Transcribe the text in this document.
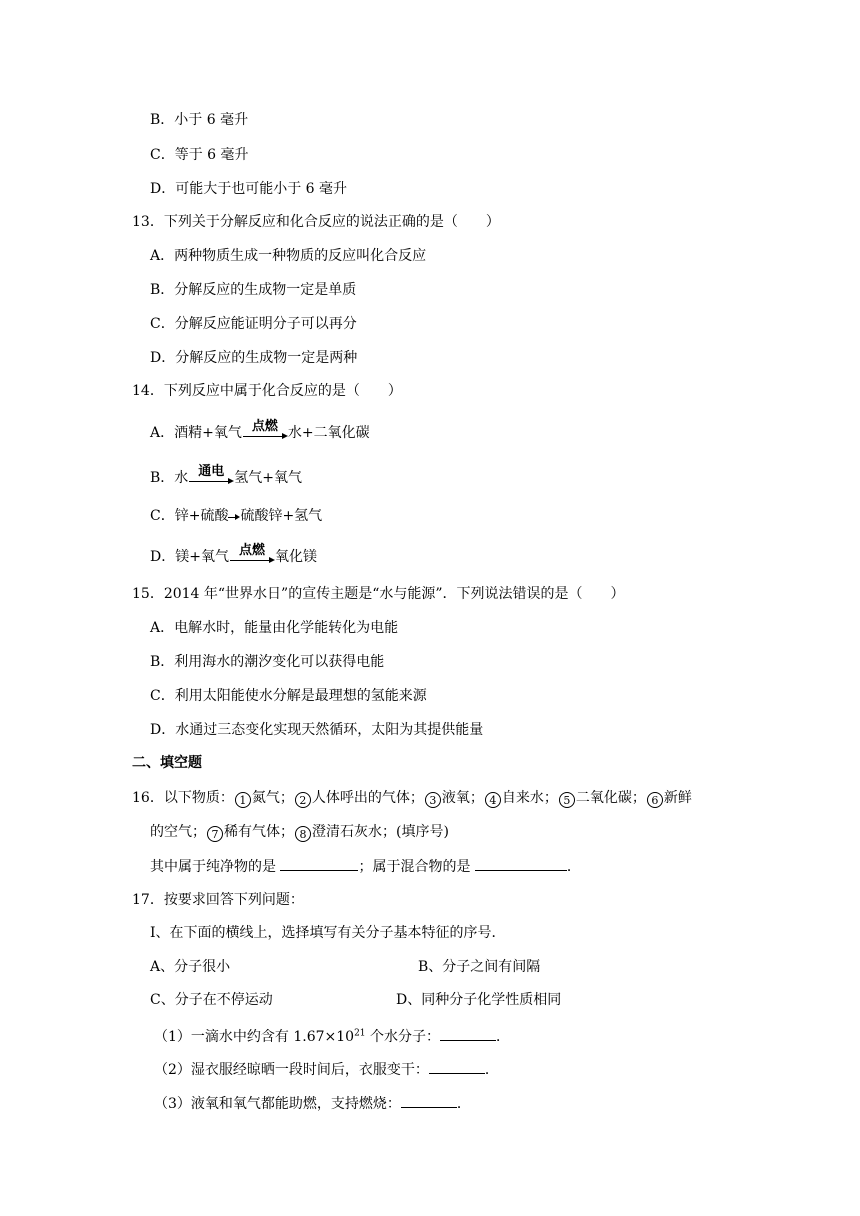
B．小于 6 毫升
C．等于 6 毫升
D．可能大于也可能小于 6 毫升
13．下列关于分解反应和化合反应的说法正确的是（　　）
A．两种物质生成一种物质的反应叫化合反应
B．分解反应的生成物一定是单质
C．分解反应能证明分子可以再分
D．分解反应的生成物一定是两种
14．下列反应中属于化合反应的是（　　）
A．酒精+氧气 点燃 水+二氧化碳
B．水 通电 氢气+氧气
C．锌+硫酸 硫酸锌+氢气
D．镁+氧气 点燃 氧化镁
15．2014 年“世界水日”的宣传主题是“水与能源”．下列说法错误的是（　　）
A．电解水时，能量由化学能转化为电能
B．利用海水的潮汐变化可以获得电能
C．利用太阳能使水分解是最理想的氢能来源
D．水通过三态变化实现天然循环，太阳为其提供能量
二、填空题
16．以下物质： 1 氮气； 2 人体呼出的气体； 3 液氧； 4 自来水； 5 二氧化碳； 6 新鲜
的空气； 7 稀有气体； 8 澄清石灰水；(填序号)
其中属于纯净物的是	；属于混合物的是	．
17．按要求回答下列问题：
Ⅰ、在下面的横线上，选择填写有关分子基本特征的序号．
A、分子很小	B、分子之间有间隔
C、分子在不停运动	D、同种分子化学性质相同
（1）一滴水中约含有 $1.67\times 10^{21}$ 个水分子：	．
（2）湿衣服经晾晒一段时间后，衣服变干：	．
（3）液氧和氧气都能助燃，支持燃烧：	．
